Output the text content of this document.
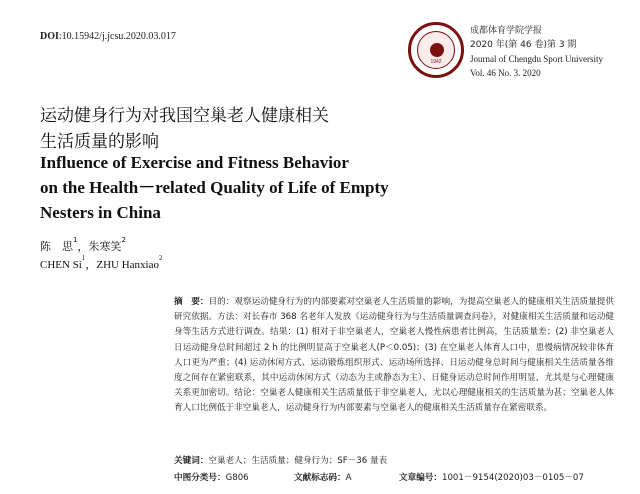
DOI:10.15942/j.jcsu.2020.03.017
1942
成都体育学院学报
2020 年(第 46 卷)第 3 期
Journal of Chengdu Sport University
Vol. 46 No. 3. 2020
运动健身行为对我国空巢老人健康相关
生活质量的影响
Influence of Exercise and Fitness Behavior
on the Health－related Quality of Life of Empty
Nesters in China
陈　思$^1$，朱寒笑$^2$
CHEN Si$^1$，ZHU Hanxiao$^2$
摘　要：目的：观察运动健身行为的内部要素对空巢老人生活质量的影响，为提高空巢老人的健康相关生活质量提供研究依据。方法：对长春市 368 名老年人发放《运动健身行为与生活质量调查问卷》，对健康相关生活质量和运动健身等生活方式进行调查。结果：(1) 相对于非空巢老人，空巢老人慢性病患者比例高，生活质量差；(2) 非空巢老人日运动健身总时间超过 2 h 的比例明显高于空巢老人(P＜0.05)；(3) 在空巢老人体育人口中，患慢病情况较非体育人口更为严重；(4) 运动休闲方式、运动锻炼组织形式、运动场所选择、日运动健身总时间与健康相关生活质量各维度之间存在紧密联系，其中运动休闲方式（动态为主或静态为主）、日健身运动总时间作用明显，尤其是与心理健康关系更加密切。结论：空巢老人健康相关生活质量低于非空巢老人，尤以心理健康相关的生活质量为甚；空巢老人体育人口比例低于非空巢老人，运动健身行为内部要素与空巢老人的健康相关生活质量存在紧密联系。
关键词：空巢老人；生活质量；健身行为；SF－36 量表
中图分类号：G806	文献标志码：A	文章编号：1001－9154(2020)03－0105－07
